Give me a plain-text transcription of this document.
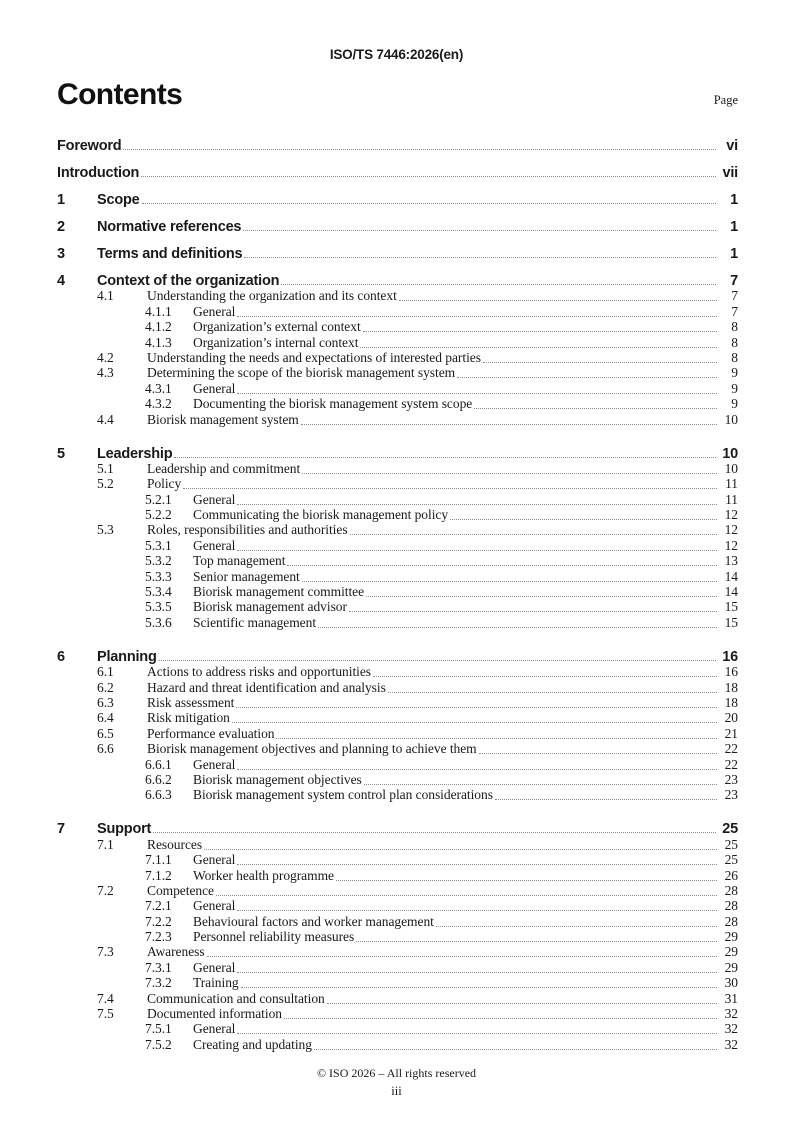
ISO/TS 7446:2026(en)
Contents	Page
Foreword	vi
Introduction	vii
1	Scope	1
2	Normative references	1
3	Terms and definitions	1
4	Context of the organization	7
4.1	Understanding the organization and its context	7
4.1.1	General	7
4.1.2	Organization’s external context	8
4.1.3	Organization’s internal context	8
4.2	Understanding the needs and expectations of interested parties	8
4.3	Determining the scope of the biorisk management system	9
4.3.1	General	9
4.3.2	Documenting the biorisk management system scope	9
4.4	Biorisk management system	10
5	Leadership	10
5.1	Leadership and commitment	10
5.2	Policy	11
5.2.1	General	11
5.2.2	Communicating the biorisk management policy	12
5.3	Roles, responsibilities and authorities	12
5.3.1	General	12
5.3.2	Top management	13
5.3.3	Senior management	14
5.3.4	Biorisk management committee	14
5.3.5	Biorisk management advisor	15
5.3.6	Scientific management	15
6	Planning	16
6.1	Actions to address risks and opportunities	16
6.2	Hazard and threat identification and analysis	18
6.3	Risk assessment	18
6.4	Risk mitigation	20
6.5	Performance evaluation	21
6.6	Biorisk management objectives and planning to achieve them	22
6.6.1	General	22
6.6.2	Biorisk management objectives	23
6.6.3	Biorisk management system control plan considerations	23
7	Support	25
7.1	Resources	25
7.1.1	General	25
7.1.2	Worker health programme	26
7.2	Competence	28
7.2.1	General	28
7.2.2	Behavioural factors and worker management	28
7.2.3	Personnel reliability measures	29
7.3	Awareness	29
7.3.1	General	29
7.3.2	Training	30
7.4	Communication and consultation	31
7.5	Documented information	32
7.5.1	General	32
7.5.2	Creating and updating	32
© ISO 2026 – All rights reserved
iii
